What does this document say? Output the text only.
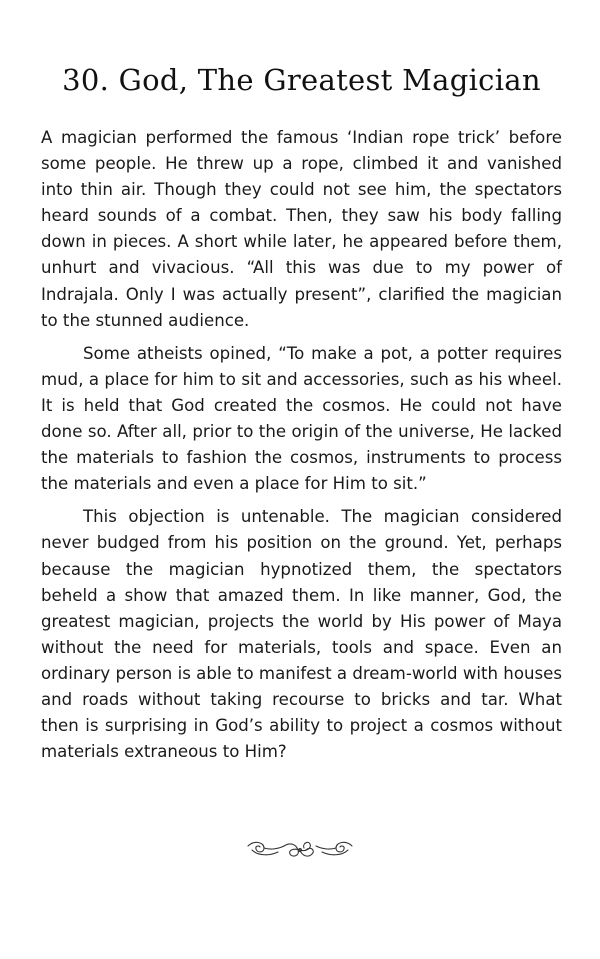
30. God, The Greatest Magician

A magician performed the famous ‘Indian rope trick’ before some people. He threw up a rope, climbed it and vanished into thin air. Though they could not see him, the spectators heard sounds of a combat. Then, they saw his body falling down in pieces. A short while later, he appeared before them, unhurt and vivacious. “All this was due to my power of Indrajala. Only I was actually present”, clarified the magician to the stunned audience.

Some atheists opined, “To make a pot, a potter requires mud, a place for him to sit and accessories, such as his wheel. It is held that God created the cosmos. He could not have done so. After all, prior to the origin of the universe, He lacked the materials to fashion the cosmos, instruments to process the materials and even a place for Him to sit.”

This objection is untenable. The magician considered never budged from his position on the ground. Yet, perhaps because the magician hypnotized them, the spectators beheld a show that amazed them. In like manner, God, the greatest magician, projects the world by His power of Maya without the need for materials, tools and space. Even an ordinary person is able to manifest a dream-world with houses and roads without taking recourse to bricks and tar. What then is surprising in God’s ability to project a cosmos without materials extraneous to Him?
